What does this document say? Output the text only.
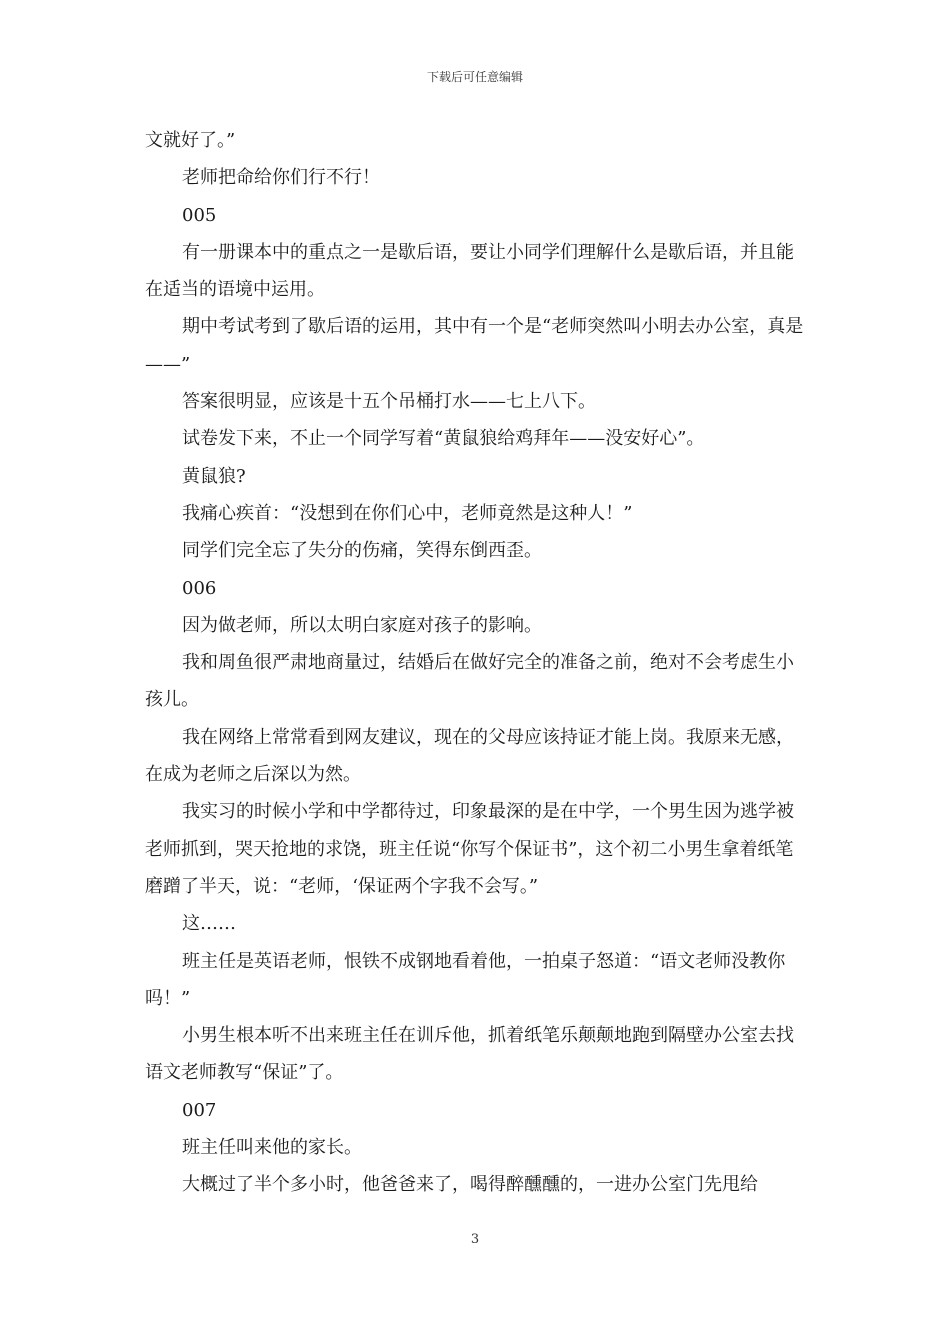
下载后可任意编辑

文就好了。”

老师把命给你们行不行！

005

有一册课本中的重点之一是歇后语，要让小同学们理解什么是歇后语，并且能在适当的语境中运用。

期中考试考到了歇后语的运用，其中有一个是“老师突然叫小明去办公室，真是——”

答案很明显，应该是十五个吊桶打水——七上八下。

试卷发下来，不止一个同学写着“黄鼠狼给鸡拜年——没安好心”。

黄鼠狼?

我痛心疾首：“没想到在你们心中，老师竟然是这种人！”

同学们完全忘了失分的伤痛，笑得东倒西歪。

006

因为做老师，所以太明白家庭对孩子的影响。

我和周鱼很严肃地商量过，结婚后在做好完全的准备之前，绝对不会考虑生小孩儿。

我在网络上常常看到网友建议，现在的父母应该持证才能上岗。我原来无感，在成为老师之后深以为然。

我实习的时候小学和中学都待过，印象最深的是在中学，一个男生因为逃学被老师抓到，哭天抢地的求饶，班主任说“你写个保证书”，这个初二小男生拿着纸笔磨蹭了半天，说：“老师，‘保证两个字我不会写。”

这……

班主任是英语老师，恨铁不成钢地看着他，一拍桌子怒道：“语文老师没教你吗！”

小男生根本听不出来班主任在训斥他，抓着纸笔乐颠颠地跑到隔壁办公室去找语文老师教写“保证”了。

007

班主任叫来他的家长。

大概过了半个多小时，他爸爸来了，喝得醉醺醺的，一进办公室门先甩给

3
